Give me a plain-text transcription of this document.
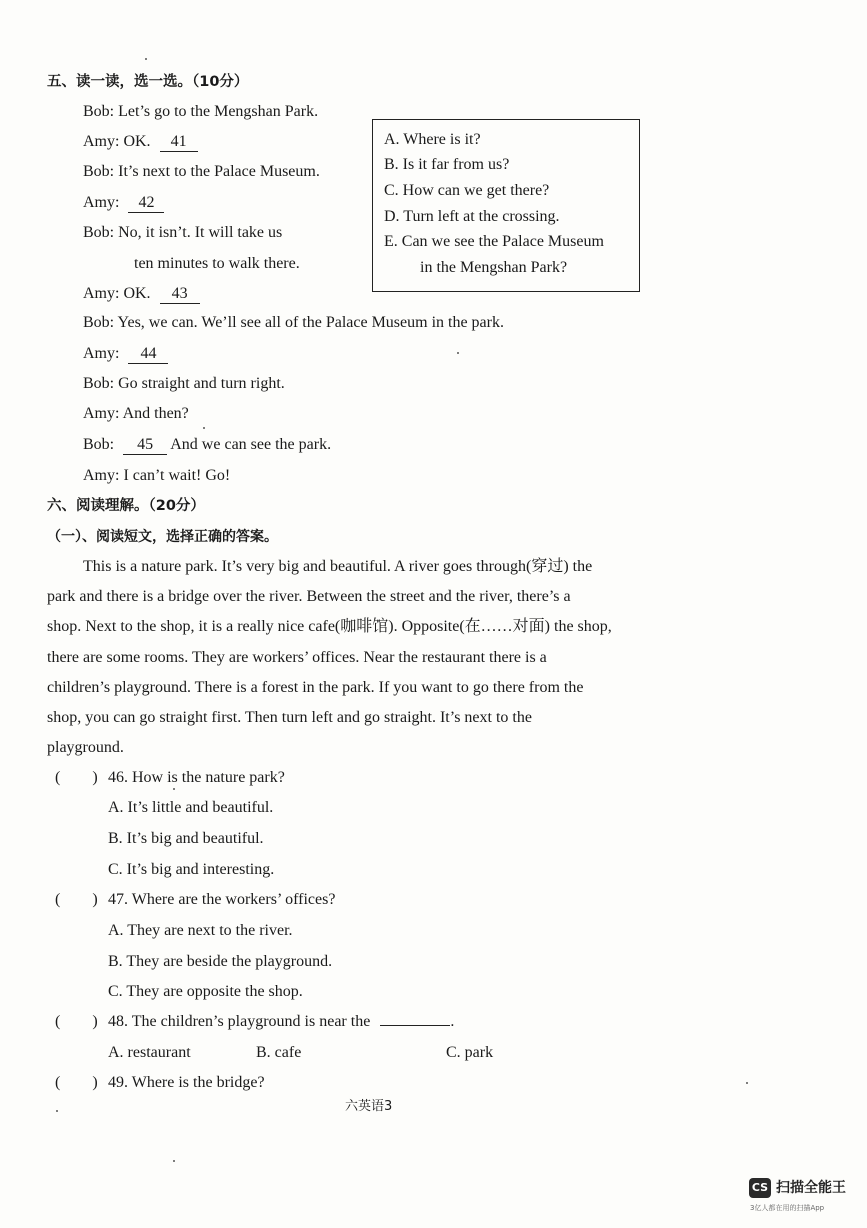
五、读一读，选一选。（10分）
Bob: Let’s go to the Mengshan Park.
Amy: OK. 41
Bob: It’s next to the Palace Museum.
Amy: 42
Bob: No, it isn’t. It will take us
ten minutes to walk there.
Amy: OK. 43
Bob: Yes, we can. We’ll see all of the Palace Museum in the park.
Amy: 44
Bob: Go straight and turn right.
Amy: And then?
Bob: 45 And we can see the park.
Amy: I can’t wait! Go!
A. Where is it?
B. Is it far from us?
C. How can we get there?
D. Turn left at the crossing.
E. Can we see the Palace Museum
in the Mengshan Park?
六、阅读理解。（20分）
（一）、阅读短文，选择正确的答案。
This is a nature park. It’s very big and beautiful. A river goes through(穿过) the
park and there is a bridge over the river. Between the street and the river, there’s a
shop. Next to the shop, it is a really nice cafe(咖啡馆). Opposite(在……对面) the shop,
there are some rooms. They are workers’ offices. Near the restaurant there is a
children’s playground. There is a forest in the park. If you want to go there from the
shop, you can go straight first. Then turn left and go straight. It’s next to the
playground.
(　　) 46. How is the nature park?
A. It’s little and beautiful.
B. It’s big and beautiful.
C. It’s big and interesting.
(　　) 47. Where are the workers’ offices?
A. They are next to the river.
B. They are beside the playground.
C. They are opposite the shop.
(　　) 48. The children’s playground is near the	.
A. restaurant	B. cafe	C. park
(　　) 49. Where is the bridge?
六英语3
CS 扫描全能王
3亿人都在用的扫描App
